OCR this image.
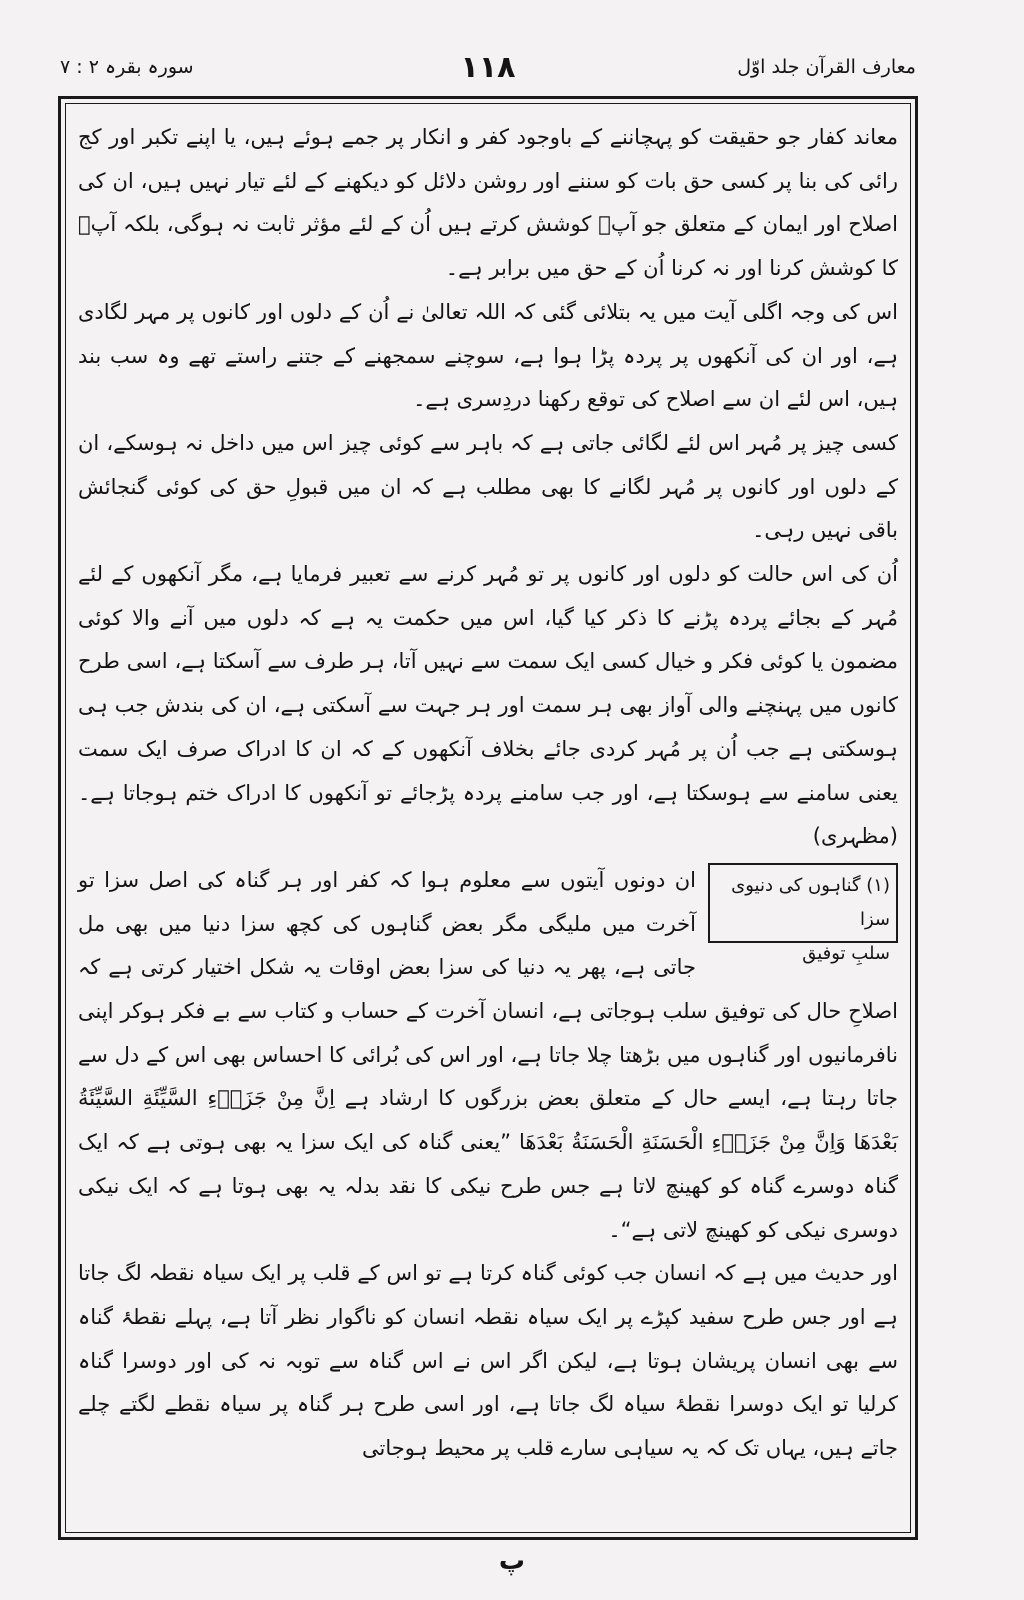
معارف القرآن جلد اوّل
۱۱۸
سورہ بقرہ ۲ : ۷

معاند کفار جو حقیقت کو پہچاننے کے باوجود کفر و انکار پر جمے ہوئے ہیں، یا اپنے تکبر اور کج رائی کی بنا پر کسی حق بات کو سننے اور روشن دلائل کو دیکھنے کے لئے تیار نہیں ہیں، ان کی اصلاح اور ایمان کے متعلق جو آپؐ کوشش کرتے ہیں اُن کے لئے مؤثر ثابت نہ ہوگی، بلکہ آپؐ کا کوشش کرنا اور نہ کرنا اُن کے حق میں برابر ہے۔

اس کی وجہ اگلی آیت میں یہ بتلائی گئی کہ اللہ تعالیٰ نے اُن کے دلوں اور کانوں پر مہر لگادی ہے، اور ان کی آنکھوں پر پردہ پڑا ہوا ہے، سوچنے سمجھنے کے جتنے راستے تھے وہ سب بند ہیں، اس لئے ان سے اصلاح کی توقع رکھنا دردِسری ہے۔

کسی چیز پر مُہر اس لئے لگائی جاتی ہے کہ باہر سے کوئی چیز اس میں داخل نہ ہوسکے، ان کے دلوں اور کانوں پر مُہر لگانے کا بھی مطلب ہے کہ ان میں قبولِ حق کی کوئی گنجائش باقی نہیں رہی۔

اُن کی اس حالت کو دلوں اور کانوں پر تو مُہر کرنے سے تعبیر فرمایا ہے، مگر آنکھوں کے لئے مُہر کے بجائے پردہ پڑنے کا ذکر کیا گیا، اس میں حکمت یہ ہے کہ دلوں میں آنے والا کوئی مضمون یا کوئی فکر و خیال کسی ایک سمت سے نہیں آتا، ہر طرف سے آسکتا ہے، اسی طرح کانوں میں پہنچنے والی آواز بھی ہر سمت اور ہر جہت سے آسکتی ہے، ان کی بندش جب ہی ہوسکتی ہے جب اُن پر مُہر کردی جائے بخلاف آنکھوں کے کہ ان کا ادراک صرف ایک سمت یعنی سامنے سے ہوسکتا ہے، اور جب سامنے پردہ پڑجائے تو آنکھوں کا ادراک ختم ہوجاتا ہے۔ (مظہری)

(۱) گناہوں کی دنیوی سزا
سلبِ توفیق

ان دونوں آیتوں سے معلوم ہوا کہ کفر اور ہر گناہ کی اصل سزا تو آخرت میں ملیگی مگر بعض گناہوں کی کچھ سزا دنیا میں بھی مل جاتی ہے، پھر یہ دنیا کی سزا بعض اوقات یہ شکل اختیار کرتی ہے کہ اصلاحِ حال کی توفیق سلب ہوجاتی ہے، انسان آخرت کے حساب و کتاب سے بے فکر ہوکر اپنی نافرمانیوں اور گناہوں میں بڑھتا چلا جاتا ہے، اور اس کی بُرائی کا احساس بھی اس کے دل سے جاتا رہتا ہے، ایسے حال کے متعلق بعض بزرگوں کا ارشاد ہے اِنَّ مِنْ جَزَاۤءِ السَّیِّئَةِ السَّیِّئَةُ بَعْدَھَا وَاِنَّ مِنْ جَزَاۤءِ الْحَسَنَةِ الْحَسَنَةُ بَعْدَھَا ”یعنی گناہ کی ایک سزا یہ بھی ہوتی ہے کہ ایک گناہ دوسرے گناہ کو کھینچ لاتا ہے جس طرح نیکی کا نقد بدلہ یہ بھی ہوتا ہے کہ ایک نیکی دوسری نیکی کو کھینچ لاتی ہے“۔

اور حدیث میں ہے کہ انسان جب کوئی گناہ کرتا ہے تو اس کے قلب پر ایک سیاہ نقطہ لگ جاتا ہے اور جس طرح سفید کپڑے پر ایک سیاہ نقطہ انسان کو ناگوار نظر آتا ہے، پہلے نقطۂ گناہ سے بھی انسان پریشان ہوتا ہے، لیکن اگر اس نے اس گناہ سے توبہ نہ کی اور دوسرا گناہ کرلیا تو ایک دوسرا نقطۂ سیاہ لگ جاتا ہے، اور اسی طرح ہر گناہ پر سیاہ نقطے لگتے چلے جاتے ہیں، یہاں تک کہ یہ سیاہی سارے قلب پر محیط ہوجاتی

پ
